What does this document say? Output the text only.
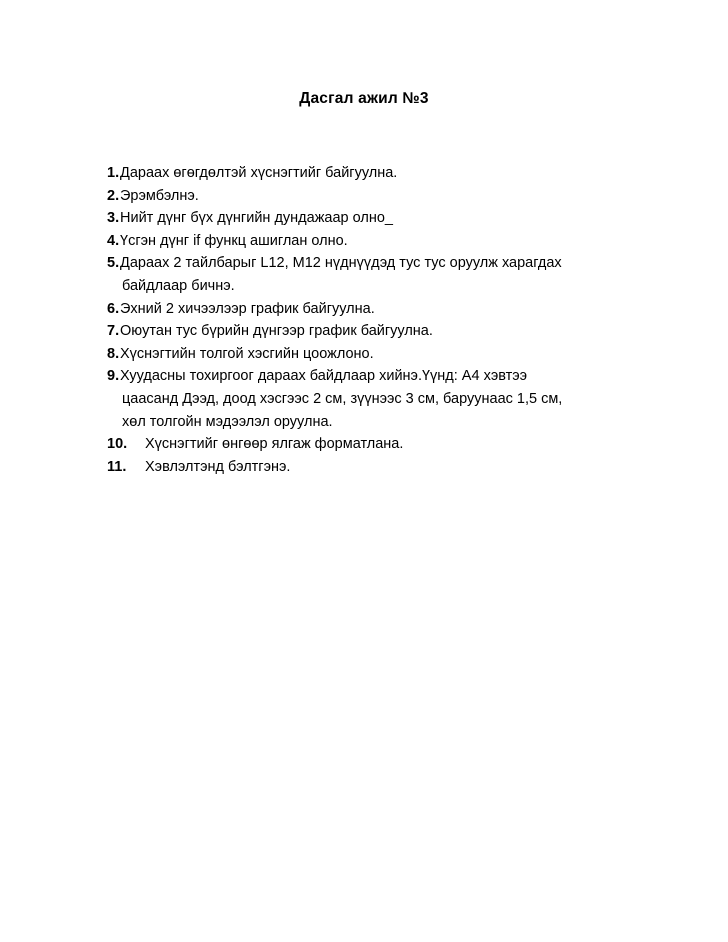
Дасгал ажил №3
1. Дараах өгөгдөлтэй хүснэгтийг байгуулна.
2. Эрэмбэлнэ.
3. Нийт дүнг бүх дүнгийн дундажаар олно_
4. Үсгэн дүнг if функц ашиглан олно.
5. Дараах 2 тайлбарыг L12, M12 нүднүүдэд тус тус оруулж харагдах
байдлаар бичнэ.
6. Эхний 2 хичээлээр график байгуулна.
7. Оюутан тус бүрийн дүнгээр график байгуулна.
8. Хүснэгтийн толгой хэсгийн цоожлоно.
9. Хуудасны тохиргоог дараах байдлаар хийнэ.Үүнд: А4 хэвтээ
цаасанд Дээд, доод хэсгээс 2 см, зүүнээс 3 см, баруунаас 1,5 см,
хөл толгойн мэдээлэл оруулна.
10.	Хүснэгтийг өнгөөр ялгаж форматлана.
11.	Хэвлэлтэнд бэлтгэнэ.
